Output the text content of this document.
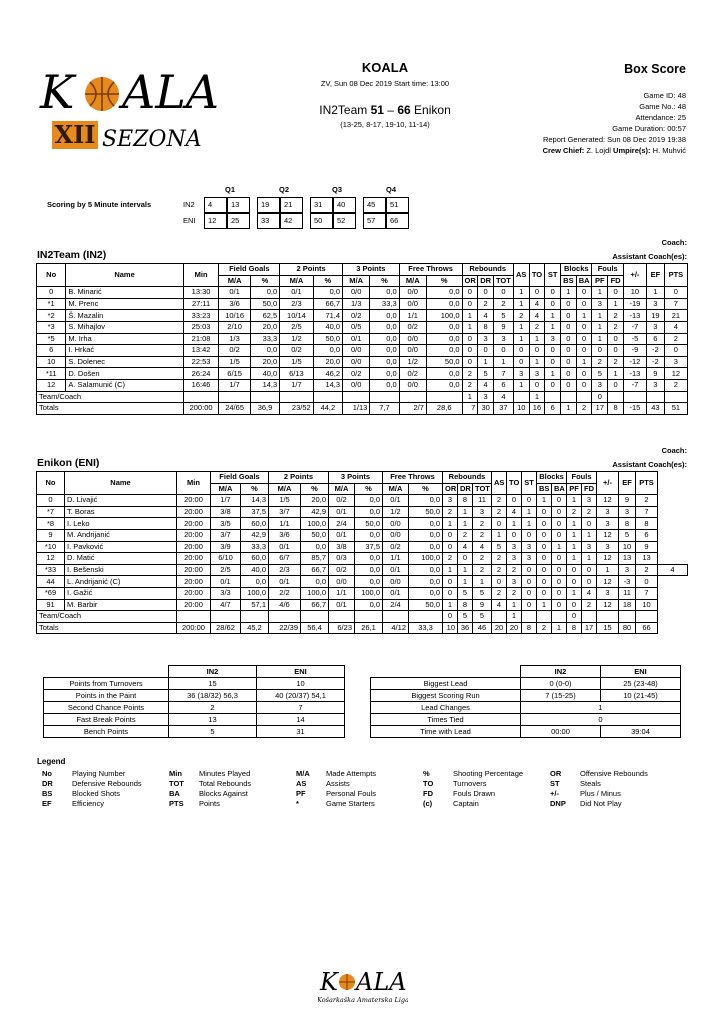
K ALA
XII SEZONA
KOALA
ZV, Sun 08 Dec 2019 Start time: 13:00
IN2Team 51 – 66 Enikon
(13-25, 8-17, 19-10, 11-14)
Box Score
Game ID: 48
Game No.: 48
Attendance: 25
Game Duration: 00:57
Report Generated: Sun 08 Dec 2019 19:38
Crew Chief: Z. Lojdl Umpire(s): H. Muhvić
Scoring by 5 Minute intervals
Q1	Q2	Q3	Q4
IN2
ENI
4	13	19	21	31	40	45	51
12	25	33	42	50	52	57	66
Coach:
IN2Team (IN2)	Assistant Coach(es):
No	Name	Min	Field Goals		2 Points		3 Points		Free Throws		Rebounds			AS	TO	ST	Blocks		Fouls		+/-	EF	PTS
			M/A	%	M/A	%	M/A	%	M/A	%	OR	DR	TOT				BS	BA	PF	FD			
0	B. Minarić	13:30	0/1	0,0	0/1	0,0	0/0	0,0	0/0	0,0	0	0	0	1	0	0	1	0	1	0	10	1	0
*1	M. Prenc	27:11	3/6	50,0	2/3	66,7	1/3	33,3	0/0	0,0	0	2	2	1	4	0	0	0	3	1	-19	3	7
*2	Š. Mazalin	33:23	10/16	62,5	10/14	71,4	0/2	0,0	1/1	100,0	1	4	5	2	4	1	0	1	1	2	-13	19	21
*3	S. Mihajlov	25:03	2/10	20,0	2/5	40,0	0/5	0,0	0/2	0,0	1	8	9	1	2	1	0	0	1	2	-7	3	4
*5	M. Irha	21:08	1/3	33,3	1/2	50,0	0/1	0,0	0/0	0,0	0	3	3	1	1	3	0	0	1	0	-5	6	2
6	I. Hrkać	13:42	0/2	0,0	0/2	0,0	0/0	0,0	0/0	0,0	0	0	0	0	0	0	0	0	0	0	-9	-2	0
10	S. Dolenec	22:53	1/5	20,0	1/5	20,0	0/0	0,0	1/2	50,0	0	1	1	0	1	0	0	1	2	2	-12	-2	3
*11	D. Došen	26:24	6/15	40,0	6/13	46,2	0/2	0,0	0/2	0,0	2	5	7	3	3	1	0	0	5	1	-13	9	12
12	A. Salamunić (C)	16:46	1/7	14,3	1/7	14,3	0/0	0,0	0/0	0,0	2	4	6	1	0	0	0	0	3	0	-7	3	2
Team/Coach											1	3	4		1				0				
Totals		200:00	24/65	36,9	23/52	44,2	1/13	7,7	2/7	28,6	7	30	37	10	16	6	1	2	17	8	-15	43	51
Coach:
Enikon (ENI)	Assistant Coach(es):
No	Name	Min	Field Goals		2 Points		3 Points		Free Throws		Rebounds			AS	TO	ST	Blocks		Fouls		+/-	EF	PTS	
			M/A	%	M/A	%	M/A	%	M/A	%	OR	DR	TOT				BS	BA	PF	FD				
0	D. Livajić	20:00	1/7	14,3	1/5	20,0	0/2	0,0	0/1	0,0	3	8	11	2	0	0	1	0	1	3	12	9	2	
*7	T. Boras	20:00	3/8	37,5	3/7	42,9	0/1	0,0	1/2	50,0	2	1	3	2	4	1	0	0	2	2	3	3	7	
*8	I. Leko	20:00	3/5	60,0	1/1	100,0	2/4	50,0	0/0	0,0	1	1	2	0	1	1	0	0	1	0	3	8	8	
9	M. Andrijanić	20:00	3/7	42,9	3/6	50,0	0/1	0,0	0/0	0,0	0	2	2	1	0	0	0	0	1	1	12	5	6	
*10	I. Pavković	20:00	3/9	33,3	0/1	0,0	3/8	37,5	0/2	0,0	0	4	4	5	3	3	0	1	1	3	3	10	9	
12	D. Matić	20:00	6/10	60,0	6/7	85,7	0/3	0,0	1/1	100,0	2	0	2	2	3	3	0	0	1	1	12	13	13	
*33	I. Bešenski	20:00	2/5	40,0	2/3	66,7	0/2	0,0	0/1	0,0	1	1	2	2	2	0	0	0	0	0	1	3	2	4
44	L. Andrijanić (C)	20:00	0/1	0,0	0/1	0,0	0/0	0,0	0/0	0,0	0	1	1	0	3	0	0	0	0	0	12	-3	0	
*69	I. Gažić	20:00	3/3	100,0	2/2	100,0	1/1	100,0	0/1	0,0	0	5	5	2	2	0	0	0	1	4	3	11	7	
91	M. Barbir	20:00	4/7	57,1	4/6	66,7	0/1	0,0	2/4	50,0	1	8	9	4	1	0	1	0	0	2	12	18	10	
Team/Coach											0	5	5		1				0					
Totals		200:00	28/62	45,2	22/39	56,4	6/23	26,1	4/12	33,3	10	36	46	20	20	8	2	1	8	17	15	80	66	
	IN2	ENI
Points from Turnovers	15	10
Points in the Paint	36 (18/32) 56,3	40 (20/37) 54,1
Second Chance Points	2	7
Fast Break Points	13	14
Bench Points	5	31
	IN2	ENI
Biggest Lead	0 (0-0)	25 (23-48)
Biggest Scoring Run	7 (15-25)	10 (21-45)
Lead Changes	1	
Times Tied	0	
Time with Lead	00:00	39:04
Legend
No	Playing Number	Min	Minutes Played	M/A	Made Attempts	%	Shooting Percentage	OR	Offensive Rebounds
DR	Defensive Rebounds	TOT	Total Rebounds	AS	Assists	TO	Turnovers	ST	Steals
BS	Blocked Shots	BA	Blocks Against	PF	Personal Fouls	FD	Fouls Drawn	+/-	Plus / Minus
EF	Efficiency	PTS	Points	*	Game Starters	(c)	Captain	DNP	Did Not Play
K ALA
Košarkaška Amaterska Liga
